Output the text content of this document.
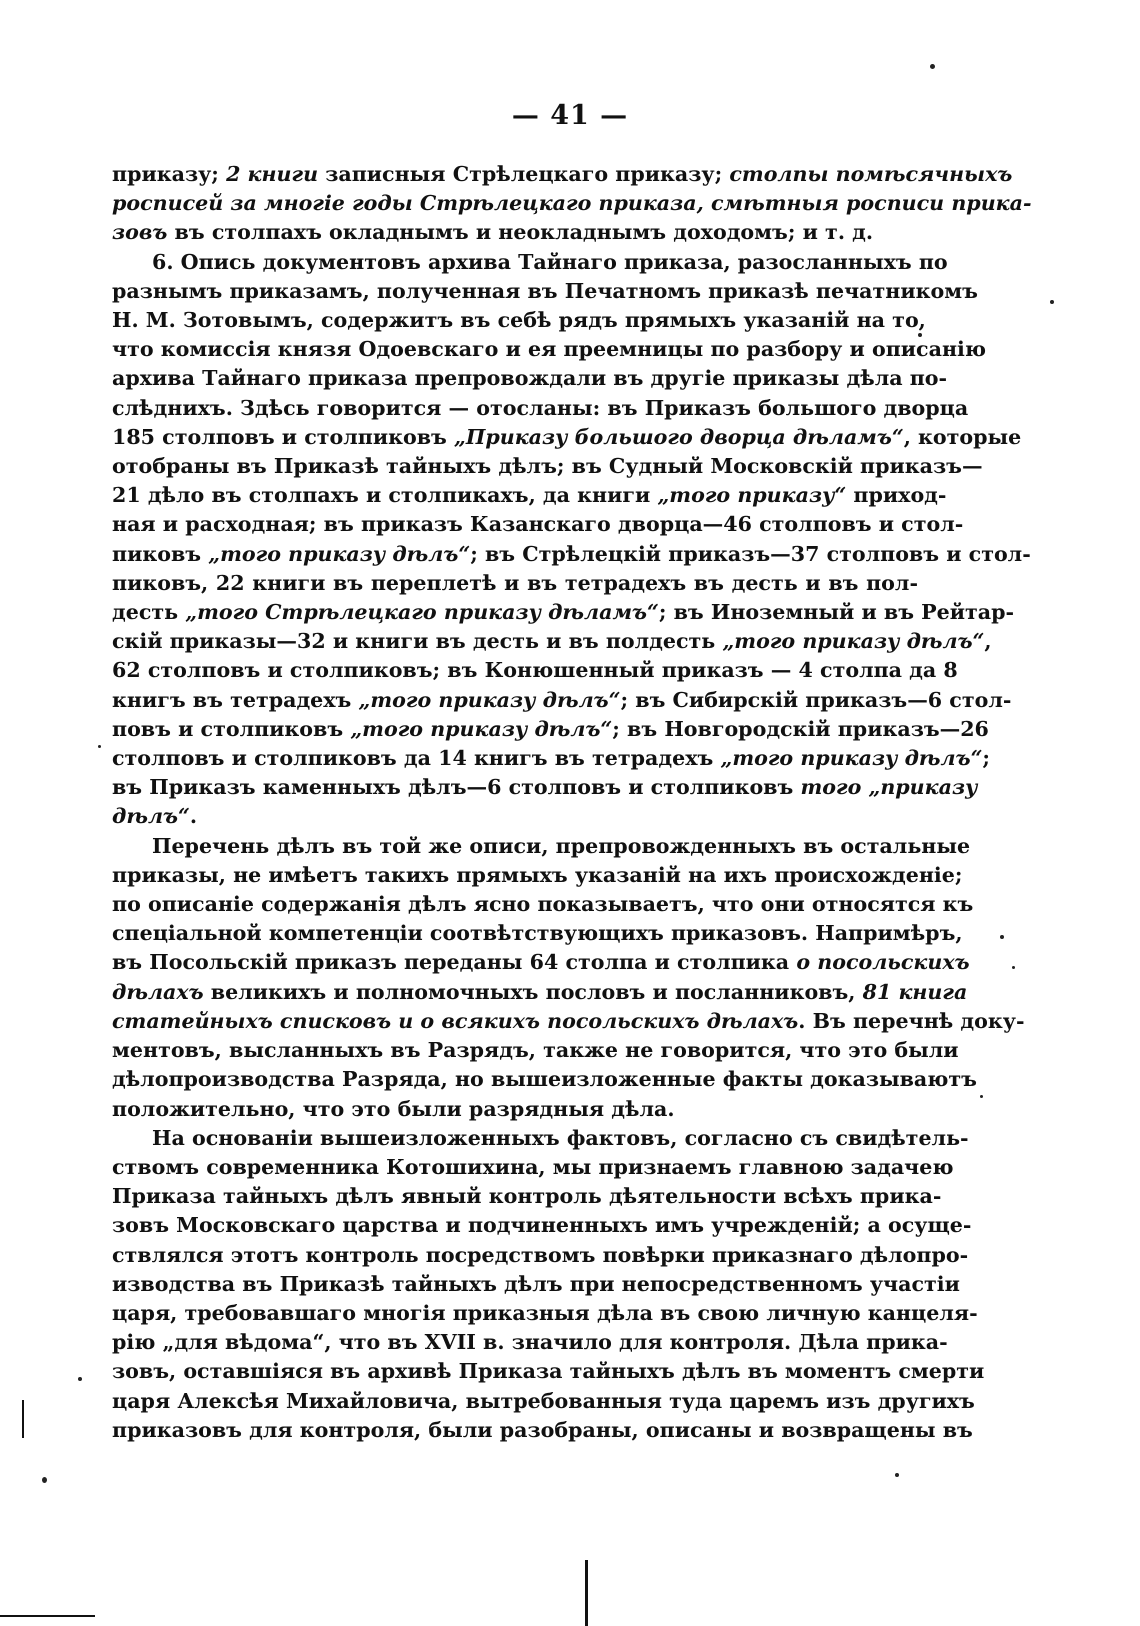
— 41 —
приказу; 2 книги записныя Стрѣлецкаго приказу; столпы помѣсячныхъ
росписей за многіе годы Стрѣлецкаго приказа, смѣтныя росписи прика-
зовъ въ столпахъ окладнымъ и неокладнымъ доходомъ; и т. д.
6. Опись документовъ архива Тайнаго приказа, разосланныхъ по
разнымъ приказамъ, полученная въ Печатномъ приказѣ печатникомъ
Н. М. Зотовымъ, содержитъ въ себѣ рядъ прямыхъ указаній на то,
что комиссія князя Одоевскаго и ея преемницы по разбору и описанію
архива Тайнаго приказа препровождали въ другіе приказы дѣла по-
слѣднихъ. Здѣсь говорится — отосланы: въ Приказъ большого дворца
185 столповъ и столпиковъ „Приказу большого дворца дѣламъ“, которые
отобраны въ Приказѣ тайныхъ дѣлъ; въ Судный Московскій приказъ—
21 дѣло въ столпахъ и столпикахъ, да книги „того приказу“ приход-
ная и расходная; въ приказъ Казанскаго дворца—46 столповъ и стол-
пиковъ „того приказу дѣлъ“; въ Стрѣлецкій приказъ—37 столповъ и стол-
пиковъ, 22 книги въ переплетѣ и въ тетрадехъ въ десть и въ пол-
десть „того Стрѣлецкаго приказу дѣламъ“; въ Иноземный и въ Рейтар-
скій приказы—32 и книги въ десть и въ полдесть „того приказу дѣлъ“,
62 столповъ и столпиковъ; въ Конюшенный приказъ — 4 столпа да 8
книгъ въ тетрадехъ „того приказу дѣлъ“; въ Сибирскій приказъ—6 стол-
повъ и столпиковъ „того приказу дѣлъ“; въ Новгородскій приказъ—26
столповъ и столпиковъ да 14 книгъ въ тетрадехъ „того приказу дѣлъ“;
въ Приказъ каменныхъ дѣлъ—6 столповъ и столпиковъ того „приказу
дѣлъ“.
Перечень дѣлъ въ той же описи, препровожденныхъ въ остальные
приказы, не имѣетъ такихъ прямыхъ указаній на ихъ происхожденіе;
по описаніе содержанія дѣлъ ясно показываетъ, что они относятся къ
спеціальной компетенціи соотвѣтствующихъ приказовъ. Напримѣръ,
въ Посольскій приказъ переданы 64 столпа и столпика о посольскихъ
дѣлахъ великихъ и полномочныхъ пословъ и посланниковъ, 81 книга
статейныхъ списковъ и о всякихъ посольскихъ дѣлахъ. Въ перечнѣ доку-
ментовъ, высланныхъ въ Разрядъ, также не говорится, что это были
дѣлопроизводства Разряда, но вышеизложенные факты доказываютъ
положительно, что это были разрядныя дѣла.
На основаніи вышеизложенныхъ фактовъ, согласно съ свидѣтель-
ствомъ современника Котошихина, мы признаемъ главною задачею
Приказа тайныхъ дѣлъ явный контроль дѣятельности всѣхъ прика-
зовъ Московскаго царства и подчиненныхъ имъ учрежденій; а осуще-
ствлялся этотъ контроль посредствомъ повѣрки приказнаго дѣлопро-
изводства въ Приказѣ тайныхъ дѣлъ при непосредственномъ участіи
царя, требовавшаго многія приказныя дѣла въ свою личную канцеля-
рію „для вѣдома“, что въ XVII в. значило для контроля. Дѣла прика-
зовъ, оставшіяся въ архивѣ Приказа тайныхъ дѣлъ въ моментъ смерти
царя Алексѣя Михайловича, вытребованныя туда царемъ изъ другихъ
приказовъ для контроля, были разобраны, описаны и возвращены въ
